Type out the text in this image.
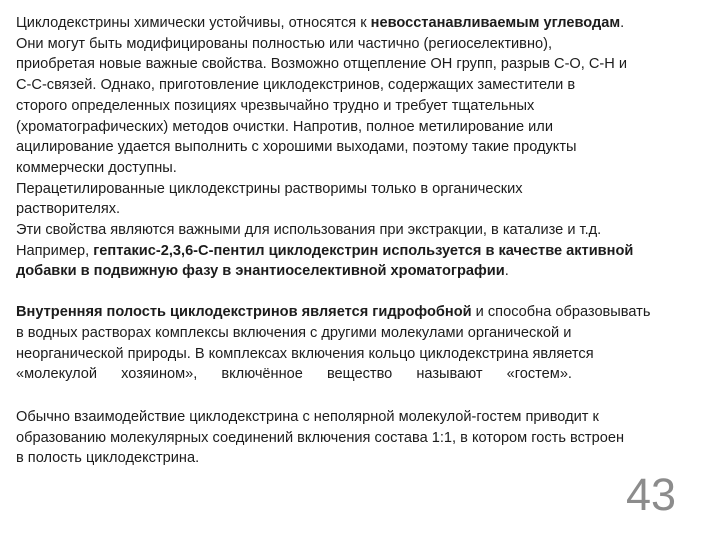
Циклодекстрины химически устойчивы, относятся к невосстанавливаемым углеводам.
Они могут быть модифицированы полностью или частично (региоселективно),
приобретая новые важные свойства. Возможно отщепление ОН групп, разрыв С-О, С-Н и
С-С-связей. Однако, приготовление циклодекстринов, содержащих заместители в
сторого определенных позициях чрезвычайно трудно и требует тщательных
(хроматографических) методов очистки. Напротив, полное метилирование или
ацилирование удается выполнить с хорошими выходами, поэтому такие продукты
коммерчески доступны.

Перацетилированные циклодекстрины растворимы только в органических
растворителях.

Эти свойства являются важными для использования при экстракции, в катализе и т.д.
Например, гептакис-2,3,6-С-пентил циклодекстрин используется в качестве активной
добавки в подвижную фазу в энантиоселективной хроматографии.

Внутренняя полость циклодекстринов является гидрофобной и способна образовывать
в водных растворах комплексы включения с другими молекулами органической и
неорганической природы. В комплексах включения кольцо циклодекстрина является

«молекулой хозяином», включённое вещество называют «гостем».

Обычно взаимодействие циклодекстрина с неполярной молекулой-гостем приводит к
образованию молекулярных соединений включения состава 1:1, в котором гость встроен
в полость циклодекстрина.

43
